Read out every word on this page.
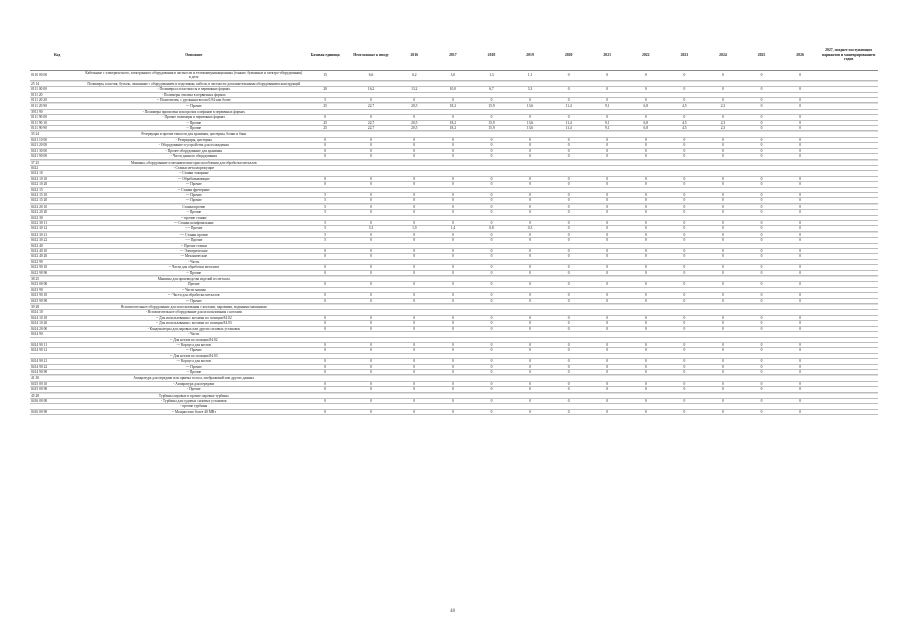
Код	Описание	Базовая единица	Неотложные к вводу	2016	2017	2018	2019	2020	2021	2022	2023	2024	2025	2026	2027, позднее поступающих вариантов и маневрированием годов
0110 00 00	Кабельные с электрического, электронного оборудования в частности и телекоммуникационных (тонкие, бумажные и электро-оборудования) в деле	15	6,6	6,2	3,0	1,3	1,1	0	0	0	0	0	0	0	

25 14	Полимеры, пластик, бутыль, связанные с оборудованием и изделиями, кабели, в частности дополнительными оборудованием конструкций														
0111 00 00	- Полимеры и пластмассы в первичных формах	20	16,2	13,2	10,0	6,7	3,3	0	0	0	0	0	0	0	
0111 20	- Полимеры этилена в первичных формах														
0111 20 20	-- Полиэтилен, с удельным весом 0,94 или более	5	0	0	0	0	0	0	0	0	0	0	0	0	

0111 20 90	--- Прочие	25	22,7	20,5	18,2	15,9	13,6	11,4	9,1	6,8	4,5	2,3	0	0	
3911 90	- Полимеры пропилена или прочих олефинов в первичных формах														
0111 90 00	- Прочие полимеры в первичных формах	0	0	0	0	0	0	0	0	0	0	0	0	0	
0111 90 10	-- Прочие	25	22,7	20,5	18,2	15,9	13,6	11,4	9,1	6,8	4,5	2,3	0	0	
0111 90 90	-- Прочие	25	22,7	20,5	18,2	15,9	13,6	11,4	9,1	6,8	4,5	2,3	0	0	

35 24	Резервуары и прочие емкости для хранения, цистерны, бочки и баки														
0411 10 00	- Резервуары, цистерны	0	0	0	0	0	0	0	0	0	0	0	0	0	
0411 20 00	- Оборудование и устройства для охлаждения	0	0	0	0	0	0	0	0	0	0	0	0	0	
0411 30 00	- Прочее оборудование для хранения	0	0	0	0	0	0	0	0	0	0	0	0	0	
0411 90 00	- Части данного оборудования	0	0	0	0	0	0	0	0	0	0	0	0	0	

37 25	Машины, оборудование и механические приспособления для обработки металлов														
0412	- Станки металлорежущие														
0412 10	-- Станки токарные														
0412 10 10	--- Обрабатывающие	0	0	0	0	0	0	0	0	0	0	0	0	0	
0412 10 20	--- Прочие	0	0	0	0	0	0	0	0	0	0	0	0	0	
0412 15	-- Станки фрезерные														
0412 15 10	--- Прочие	5	0	0	0	0	0	0	0	0	0	0	0	0	
0412 15 20	--- Прочие	5	0	0	0	0	0	0	0	0	0	0	0	0	

0412 20 10	Станки прочие	5	0	0	0	0	0	0	0	0	0	0	0	0	
0412 20 20	-- Прочие	5	0	0	0	0	0	0	0	0	0	0	0	0	
0412 30	-- прочие станки														
0412 30 11	--- Станки шлифовальные	5	0	0	0	0	0	0	0	0	0	0	0	0	
0412 30 12	---- Прочие	5	3,3	1,9	1,4	0,8	0,3	0	0	0	0	0	0	0	

0412 30 21	---- Станки прочие	5	0	0	0	0	0	0	0	0	0	0	0	0	
0412 30 22	---- Прочие	5	0	0	0	0	0	0	0	0	0	0	0	0	
0412 40	-- Прочие станки														
0412 40 10	--- Электрические	0	0	0	0	0	0	0	0	0	0	0	0	0	
0412 40 20	--- Механические	0	0	0	0	0	0	0	0	0	0	0	0	0	
0412 90	- Части														
0412 90 10	-- Части для обработки металлов	0	0	0	0	0	0	0	0	0	0	0	0	0	
0412 90 90	-- Прочие	0	0	0	0	0	0	0	0	0	0	0	0	0	

38 25	Машины для производства изделий из металла														
0413 00 00	Прочие	0	0	0	0	0	0	0	0	0	0	0	0	0	
0413 90	-- Части машин														
0413 90 10	--- Части для обработки металлов	0	0	0	0	0	0	0	0	0	0	0	0	0	
0413 90 90	--- Прочие	0	0	0	0	0	0	0	0	0	0	0	0	0	

39 28	Вспомогательное оборудование для использования с котлами, паровыми, водяными машинами														
0414 10	- Вспомогательное оборудование для использования с котлами														
0414 10 10	-- Для использования с котлами по позиции 84.02	0	0	0	0	0	0	0	0	0	0	0	0	0	
0414 10 20	-- Для использования с котлами по позиции 84.03	0	0	0	0	0	0	0	0	0	0	0	0	0	
0414 20 00	- Конденсаторы для паровых или других силовых установок	0	0	0	0	0	0	0	0	0	0	0	0	0	
0414 90	- Части														
	-- Для котлов по позиции 84.02														
0414 90 11	--- Корпуса для котлов	0	0	0	0	0	0	0	0	0	0	0	0	0	
0414 90 12	--- Прочие	0	0	0	0	0	0	0	0	0	0	0	0	0	
	-- Для котлов по позиции 84.03														
0414 90 21	--- Корпуса для котлов	0	0	0	0	0	0	0	0	0	0	0	0	0	
0414 90 22	--- Прочие	0	0	0	0	0	0	0	0	0	0	0	0	0	
0414 90 90	-- Прочие	0	0	0	0	0	0	0	0	0	0	0	0	0	

41 30	Аппаратура для передачи или приема голоса, изображений или других данных														
0415 00 10	- Аппаратура для передачи	0	0	0	0	0	0	0	0	0	0	0	0	0	
0415 00 90	- Прочие	0	0	0	0	0	0	0	0	0	0	0	0	0	

45 28	Турбины паровые и прочие паровые турбины														
0416 00 00	- Турбины для судовых силовых установок	0	0	0	0	0	0	0	0	0	0	0	0	0	
	- прочие турбины														
0416 00 90	-- Мощностью более 40 МВт	0	0	0	0	0	0	0	0	0	0	0	0	0	
48
